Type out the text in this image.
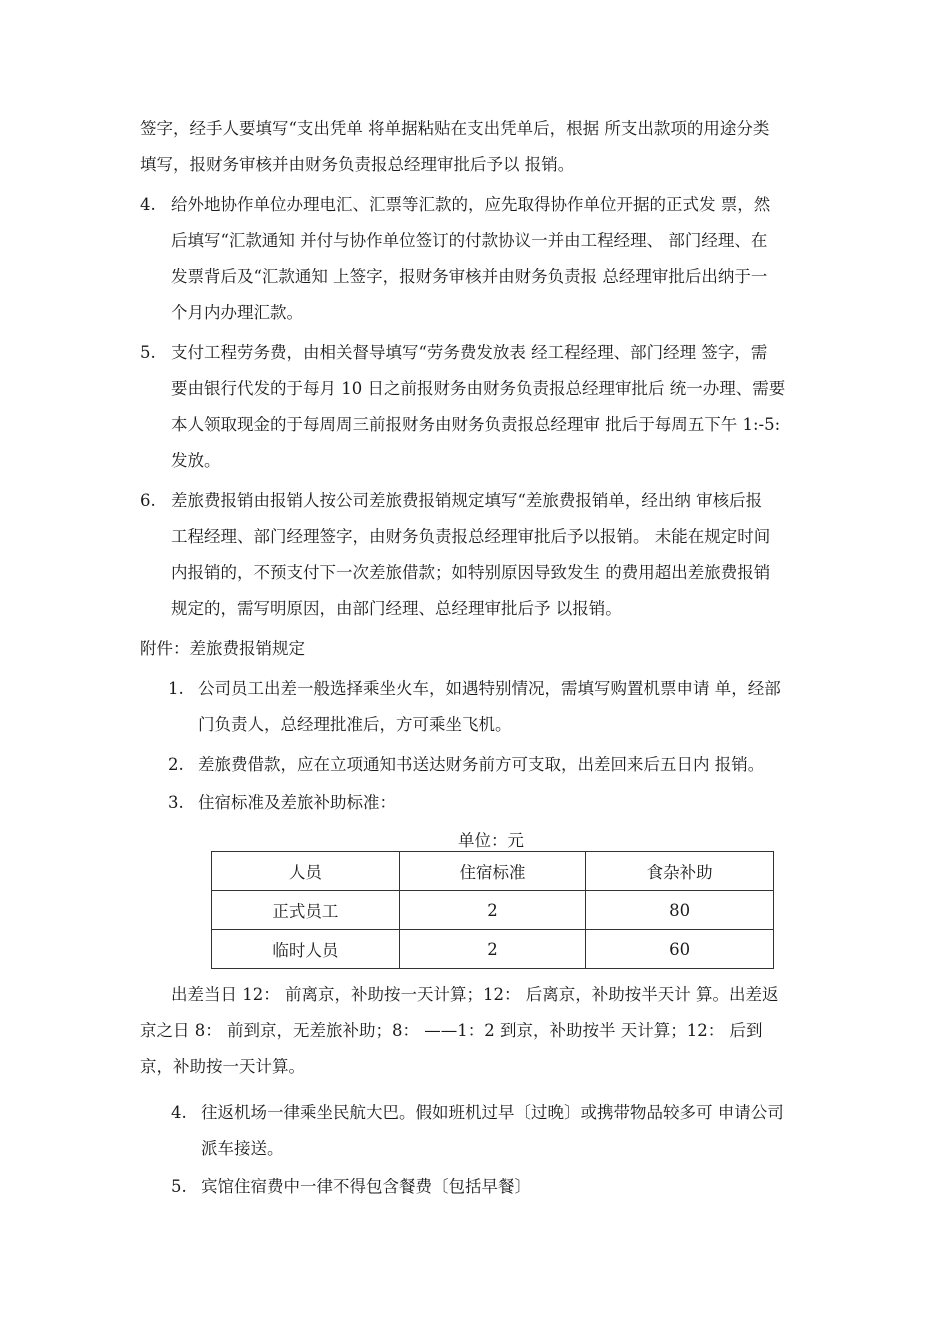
签字，经手人要填写“支出凭单 将单据粘贴在支出凭单后，根据 所支出款项的用途分类
填写，报财务审核并由财务负责报总经理审批后予以 报销。
4. 给外地协作单位办理电汇、汇票等汇款的，应先取得协作单位开据的正式发 票，然
后填写“汇款通知 并付与协作单位签订的付款协议一并由工程经理、 部门经理、在
发票背后及“汇款通知 上签字，报财务审核并由财务负责报 总经理审批后出纳于一
个月内办理汇款。
5. 支付工程劳务费，由相关督导填写“劳务费发放表 经工程经理、部门经理 签字，需
要由银行代发的于每月 10 日之前报财务由财务负责报总经理审批后 统一办理、需要
本人领取现金的于每周周三前报财务由财务负责报总经理审 批后于每周五下午 1:-5:
发放。
6. 差旅费报销由报销人按公司差旅费报销规定填写“差旅费报销单，经出纳 审核后报
工程经理、部门经理签字，由财务负责报总经理审批后予以报销。 未能在规定时间
内报销的，不预支付下一次差旅借款；如特别原因导致发生 的费用超出差旅费报销
规定的，需写明原因，由部门经理、总经理审批后予 以报销。
附件：差旅费报销规定
1. 公司员工出差一般选择乘坐火车，如遇特别情况，需填写购置机票申请 单，经部
门负责人，总经理批准后，方可乘坐飞机。
2. 差旅费借款，应在立项通知书送达财务前方可支取，出差回来后五日内 报销。
3. 住宿标准及差旅补助标准：
单位：元
人员	住宿标准	食杂补助
正式员工	2	80
临时人员	2	60
出差当日 12： 前离京，补助按一天计算；12： 后离京，补助按半天计 算。出差返
京之日 8： 前到京，无差旅补助；8： ——1：2 到京，补助按半 天计算；12： 后到
京，补助按一天计算。
4. 往返机场一律乘坐民航大巴。假如班机过早〔过晚〕或携带物品较多可 申请公司
派车接送。
5. 宾馆住宿费中一律不得包含餐费〔包括早餐〕
